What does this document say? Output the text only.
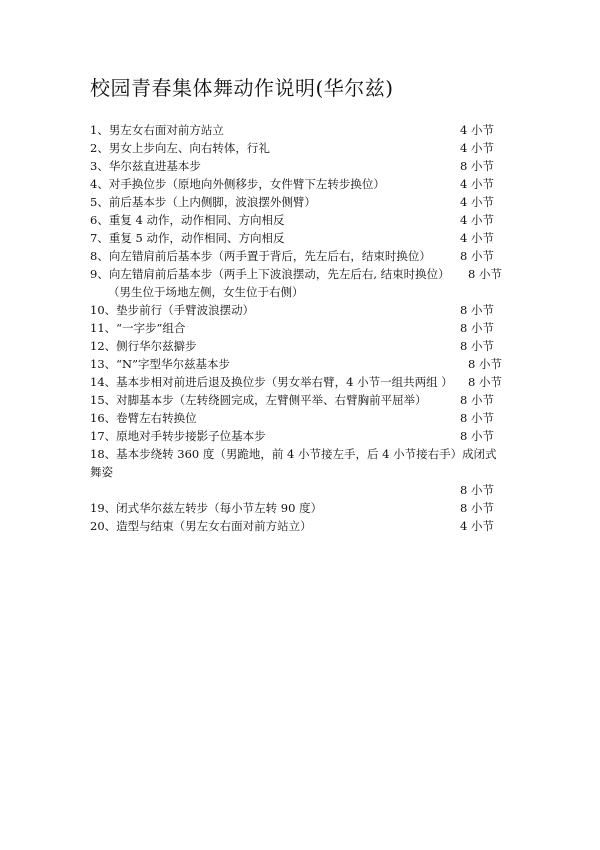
校园青春集体舞动作说明(华尔兹)
1、男左女右面对前方站立	4 小节
2、男女上步向左、向右转体，行礼	4 小节
3、华尔兹直进基本步	8 小节
4、对手换位步（原地向外侧移步，女件臂下左转步换位）	4 小节
5、前后基本步（上内侧脚，波浪摆外侧臂）	4 小节
6、重复 4 动作，动作相同、方向相反	4 小节
7、重复 5 动作，动作相同、方向相反	4 小节
8、向左错肩前后基本步（两手置于背后，先左后右，结束时换位）	8 小节
9、向左错肩前后基本步（两手上下波浪摆动，先左后右, 结束时换位） 8 小节
（男生位于场地左侧，女生位于右侧）
10、垫步前行（手臂波浪摆动）	8 小节
11、“一字步”组合	8 小节
12、侧行华尔兹擗步	8 小节
13、“N”字型华尔兹基本步	8 小节
14、基本步相对前进后退及换位步（男女举右臂，4 小节一组共两组 ） 8 小节
15、对脚基本步（左转绕圆完成，左臂侧平举、右臂胸前平屈举）	8 小节
16、卷臂左右转换位	8 小节
17、原地对手转步接影子位基本步	8 小节
18、基本步绕转 360 度（男跪地，前 4 小节接左手，后 4 小节接右手）成闭式
舞姿
8 小节
19、闭式华尔兹左转步（每小节左转 90 度）	8 小节
20、造型与结束（男左女右面对前方站立）	4 小节
